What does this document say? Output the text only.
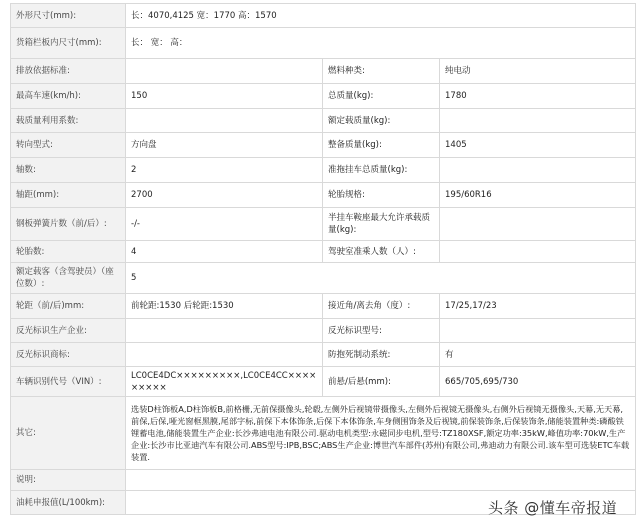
外形尺寸(mm):	长：4070,4125 宽：1770 高：1570		
货箱栏板内尺寸(mm):	长： 宽： 高：		
排放依据标准:		燃料种类:	纯电动
最高车速(km/h):	150	总质量(kg):	1780
载质量利用系数:		额定载质量(kg):	
转向型式:	方向盘	整备质量(kg):	1405
轴数:	2	准拖挂车总质量(kg):	
轴距(mm):	2700	轮胎规格:	195/60R16
钢板弹簧片数（前/后）:	-/-	半挂车鞍座最大允许承载质量(kg):	
轮胎数:	4	驾驶室准乘人数（人）:	
额定载客（含驾驶员）（座位数）:	5		
轮距（前/后)mm:	前轮距:1530 后轮距:1530	接近角/离去角（度）:	17/25,17/23
反光标识生产企业:		反光标识型号:	
反光标识商标:		防抱死制动系统:	有
车辆识别代号（VIN）:	LC0CE4DC×××××××××,LC0CE4CC×××××××××	前悬/后悬(mm):	665/705,695/730
其它:	选装D柱饰板A,D柱饰板B,前格栅,无前保摄像头,轮毂,左侧外后视镜带摄像头,左侧外后视镜无摄像头,右侧外后视镜无摄像头,天幕,无天幕,前保,后保,哑光窗框黑膜,尾部字标,前保下本体饰条,后保下本体饰条,车身侧围饰条及后视镜,前保装饰条,后保装饰条,储能装置种类:磷酸铁锂蓄电池,储能装置生产企业:长沙弗迪电池有限公司.驱动电机类型:永磁同步电机,型号:TZ180XSF,额定功率:35kW,峰值功率:70kW,生产企业:长沙市比亚迪汽车有限公司.ABS型号:IPB,BSC;ABS生产企业:博世汽车部件(苏州)有限公司,弗迪动力有限公司.该车型可选装ETC车载装置.		
说明:			
油耗申报值(L/100km):				头条 @懂车帝报道
